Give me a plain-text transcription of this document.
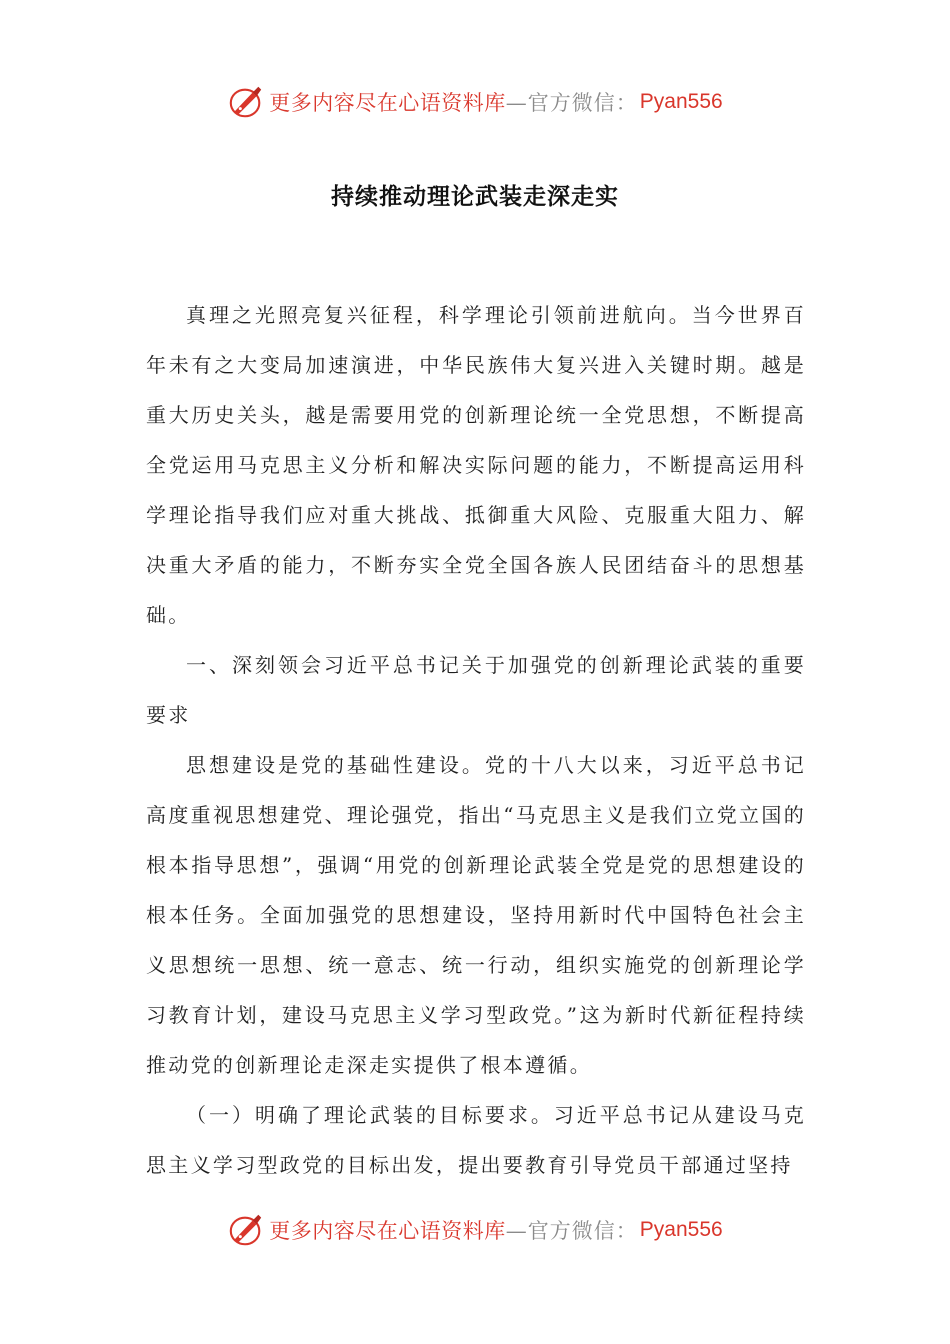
更多内容尽在心语资料库 —官方微信： Pyan556
持续推动理论武装走深走实

真理之光照亮复兴征程，科学理论引领前进航向。当今世界百年未有之大变局加速演进，中华民族伟大复兴进入关键时期。越是重大历史关头，越是需要用党的创新理论统一全党思想，不断提高全党运用马克思主义分析和解决实际问题的能力，不断提高运用科学理论指导我们应对重大挑战、抵御重大风险、克服重大阻力、解决重大矛盾的能力，不断夯实全党全国各族人民团结奋斗的思想基础。

一、深刻领会习近平总书记关于加强党的创新理论武装的重要要求

思想建设是党的基础性建设。党的十八大以来，习近平总书记高度重视思想建党、理论强党，指出“马克思主义是我们立党立国的根本指导思想”，强调“用党的创新理论武装全党是党的思想建设的根本任务。全面加强党的思想建设，坚持用新时代中国特色社会主义思想统一思想、统一意志、统一行动，组织实施党的创新理论学习教育计划，建设马克思主义学习型政党。”这为新时代新征程持续推动党的创新理论走深走实提供了根本遵循。

（一）明确了理论武装的目标要求。习近平总书记从建设马克思主义学习型政党的目标出发，提出要教育引导党员干部通过坚持

更多内容尽在心语资料库 —官方微信： Pyan556
